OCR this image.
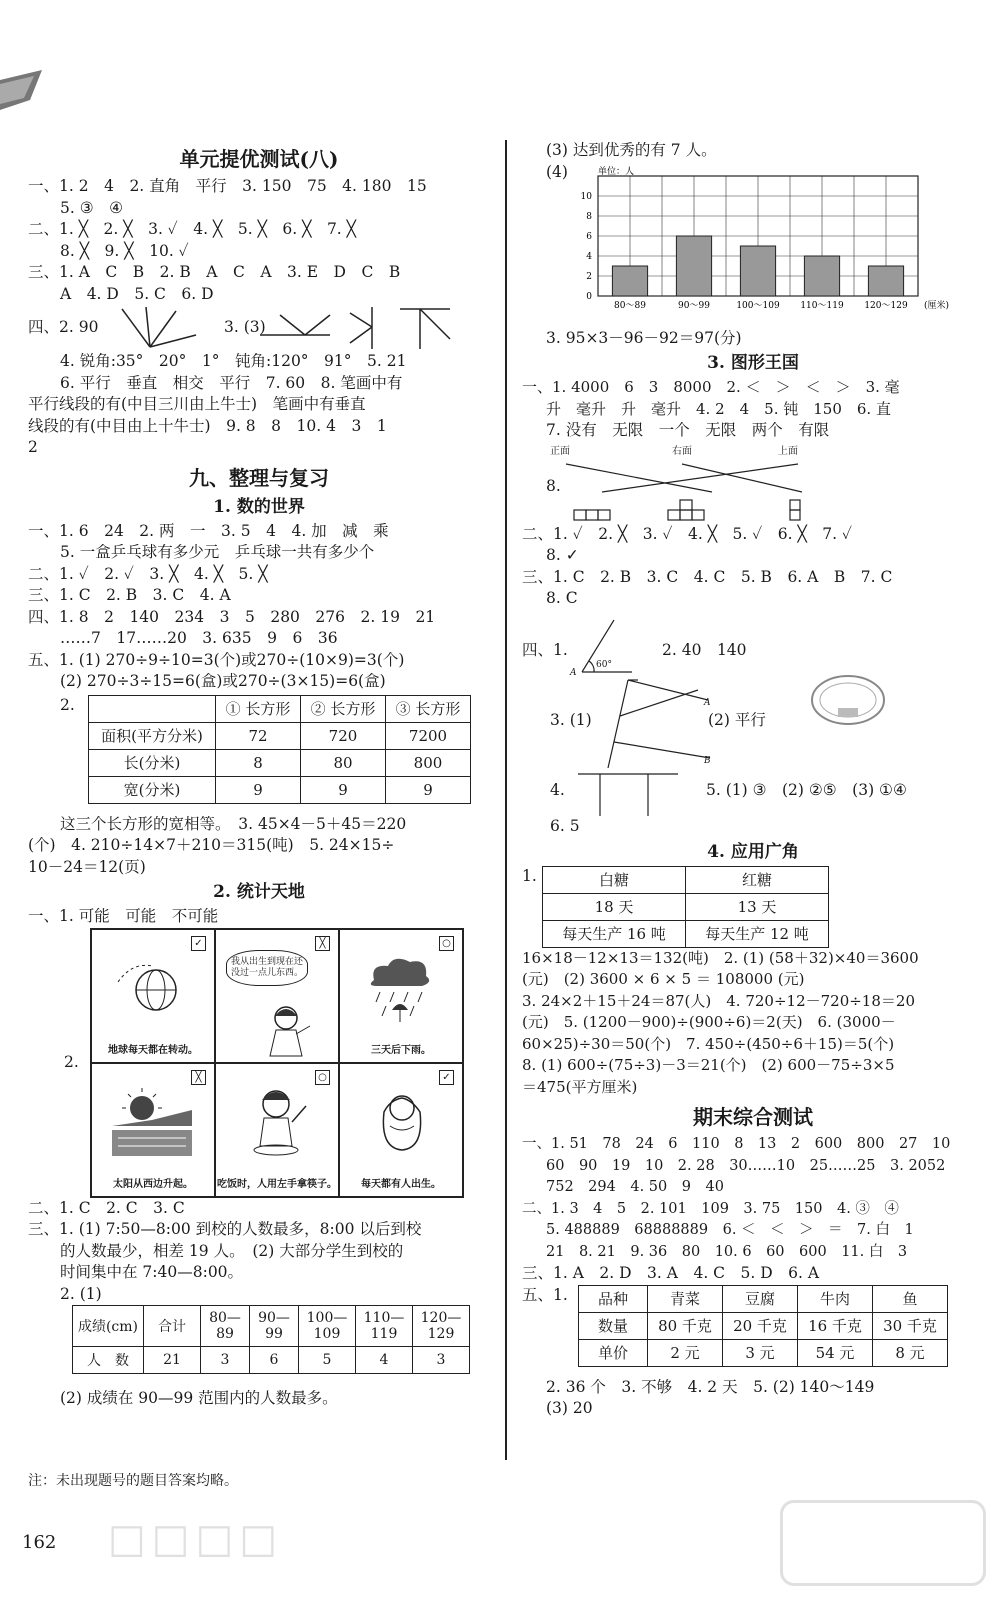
单元提优测试(八)
一、1. 2　4　2. 直角　平行　3. 150　75　4. 180　15
5. ③　④
二、1. ╳　2. ╳　3. ✓　4. ╳　5. ╳　6. ╳　7. ╳
8. ╳　9. ╳　10. ✓
三、1. A　C　B　2. B　A　C　A　3. E　D　C　B
A　4. D　5. C　6. D
四、2. 90	3. (3)
4. 锐角:35°　20°　1°　钝角:120°　91°　5. 21
6. 平行　垂直　相交　平行　7. 60　8. 笔画中有
平行线段的有(中目三川由上牛士)　笔画中有垂直
线段的有(中目由上十牛士)　9. 8　8　10. 4　3　1
2
九、整理与复习
1. 数的世界
一、1. 6　24　2. 两　一　3. 5　4　4. 加　减　乘
5. 一盒乒乓球有多少元　乒乓球一共有多少个
二、1. ✓　2. ✓　3. ╳　4. ╳　5. ╳
三、1. C　2. B　3. C　4. A
四、1. 8　2　140　234　3　5　280　276　2. 19　21
……7　17……20　3. 635　9　6　36
五、1. (1) 270÷9÷10=3(个)或270÷(10×9)=3(个)
(2) 270÷3÷15=6(盒)或270÷(3×15)=6(盒)
2.
		① 长方形	② 长方形	③ 长方形
面积(平方分米)	72	720	7200
长(分米)	8	80	800
宽(分米)	9	9	9
这三个长方形的宽相等。　3. 45×4－5＋45＝220
(个)　4. 210÷14×7＋210＝315(吨)　5. 24×15÷
10－24＝12(页)
2. 统计天地
一、1. 可能　可能　不可能
2.
✓
地球每天都在转动。
╳
我从出生到现在还没过一点儿东西。
○
三天后下雨。
╳
太阳从西边升起。
○
吃饭时，人用左手拿筷子。
✓
每天都有人出生。
二、1. C　2. C　3. C
三、1. (1) 7:50—8:00 到校的人数最多，8:00 以后到校
的人数最少，相差 19 人。　(2) 大部分学生到校的
时间集中在 7:40—8:00。
2. (1)
成绩(cm)	合计	80—89	90—99	100—109	110—119	120—129
人　数	21	3	6	5	4	3
(2) 成绩在 90—99 范围内的人数最多。
(3) 达到优秀的有 7 人。
(4)	单位：人
0
2
4
6
8
10
80～89	90～99	100～109 110～119 120～129 (厘米)
3. 95×3－96－92＝97(分)
3. 图形王国
一、1. 4000　6　3　8000　2. ＜　＞　＜　＞　3. 毫
升　毫升　升　毫升　4. 2　4　5. 钝　150　6. 直
7. 没有　无限　一个　无限　两个　有限
正面	右面	上面
8.
二、1. ✓　2. ╳　3. ✓　4. ╳　5. ✓　6. ╳　7. ✓
8. ✓
三、1. C　2. B　3. C　4. C　5. B　6. A　B　7. C
8. C
四、1.
60°
A
2. 40　140
A
B
3. (1)	(2) 平行
4.	5. (1) ③　(2) ②⑤　(3) ①④
6. 5
4. 应用广角
1.	白糖	红糖
18 天	13 天
每天生产 16 吨	每天生产 12 吨
16×18－12×13＝132(吨)　2. (1) (58＋32)×40＝3600
(元)　(2) 3600 × 6 × 5 ＝ 108000 (元)
3. 24×2＋15＋24＝87(人)　4. 720÷12－720÷18＝20
(元)　5. (1200－900)÷(900÷6)＝2(天)　6. (3000－
60×25)÷30＝50(个)　7. 450÷(450÷6＋15)＝5(个)
8. (1) 600÷(75÷3)－3＝21(个)　(2) 600－75÷3×5
＝475(平方厘米)
期末综合测试
一、1. 51　78　24　6　110　8　13　2　600　800　27　10
60　90　19　10　2. 28　30……10　25……25　3. 2052
752　294　4. 50　9　40
二、1. 3　4　5　2. 101　109　3. 75　150　4. ③　④
5. 488889　68888889　6. ＜　＜　＞　＝　7. 白　1
21　8. 21　9. 36　80　10. 6　60　600　11. 白　3
三、1. A　2. D　3. A　4. C　5. D　6. A
五、1.	品种	青菜	豆腐	牛肉	鱼
数量	80 千克	20 千克	16 千克	30 千克
单价	2 元	3 元	54 元	8 元
2. 36 个　3. 不够　4. 2 天　5. (2) 140～149
(3) 20
注：未出现题号的题目答案均略。
162 □□□□
